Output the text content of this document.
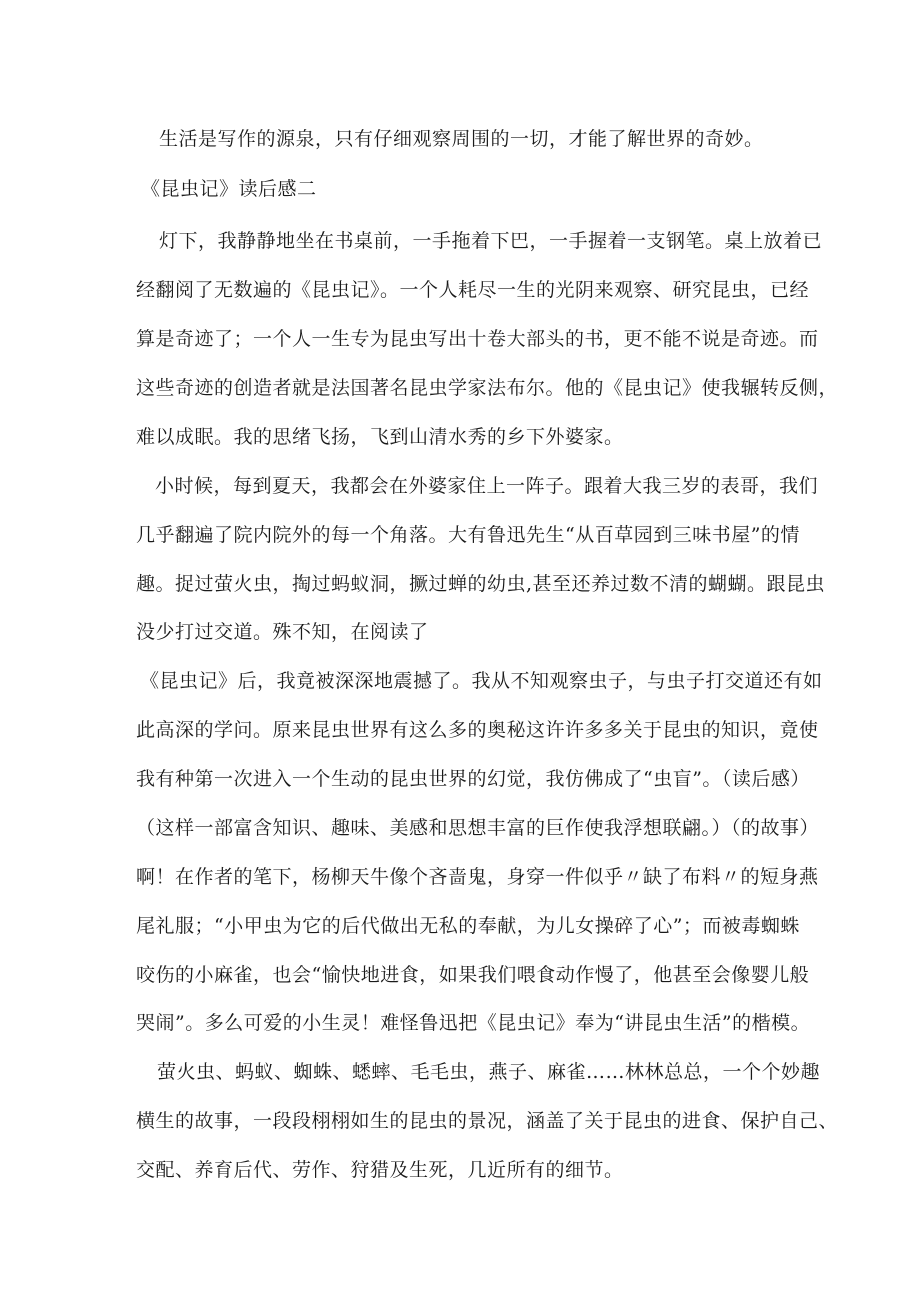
生活是写作的源泉，只有仔细观察周围的一切，才能了解世界的奇妙。
《昆虫记》读后感二
灯下，我静静地坐在书桌前，一手拖着下巴，一手握着一支钢笔。桌上放着已
经翻阅了无数遍的《昆虫记》。一个人耗尽一生的光阴来观察、研究昆虫，已经
算是奇迹了；一个人一生专为昆虫写出十卷大部头的书，更不能不说是奇迹。而
这些奇迹的创造者就是法国著名昆虫学家法布尔。他的《昆虫记》使我辗转反侧，
难以成眠。我的思绪飞扬，飞到山清水秀的乡下外婆家。
小时候，每到夏天，我都会在外婆家住上一阵子。跟着大我三岁的表哥，我们
几乎翻遍了院内院外的每一个角落。大有鲁迅先生“从百草园到三味书屋”的情
趣。捉过萤火虫，掏过蚂蚁洞，撅过蝉的幼虫,甚至还养过数不清的蝴蝴。跟昆虫
没少打过交道。殊不知，在阅读了
《昆虫记》后，我竟被深深地震撼了。我从不知观察虫子，与虫子打交道还有如
此高深的学问。原来昆虫世界有这么多的奥秘这许许多多关于昆虫的知识，竟使
我有种第一次进入一个生动的昆虫世界的幻觉，我仿佛成了“虫盲”。（读后感）
（这样一部富含知识、趣味、美感和思想丰富的巨作使我浮想联翩。）（的故事）
啊！在作者的笔下，杨柳天牛像个吝啬鬼，身穿一件似乎〃缺了布料〃的短身燕
尾礼服；“小甲虫为它的后代做出无私的奉献，为儿女操碎了心”；而被毒蜘蛛
咬伤的小麻雀，也会“愉快地进食，如果我们喂食动作慢了，他甚至会像婴儿般
哭闹”。多么可爱的小生灵！难怪鲁迅把《昆虫记》奉为“讲昆虫生活”的楷模。
萤火虫、蚂蚁、蜘蛛、蟋蟀、毛毛虫，燕子、麻雀……林林总总，一个个妙趣
横生的故事，一段段栩栩如生的昆虫的景况，涵盖了关于昆虫的进食、保护自己、
交配、养育后代、劳作、狩猎及生死，几近所有的细节。
